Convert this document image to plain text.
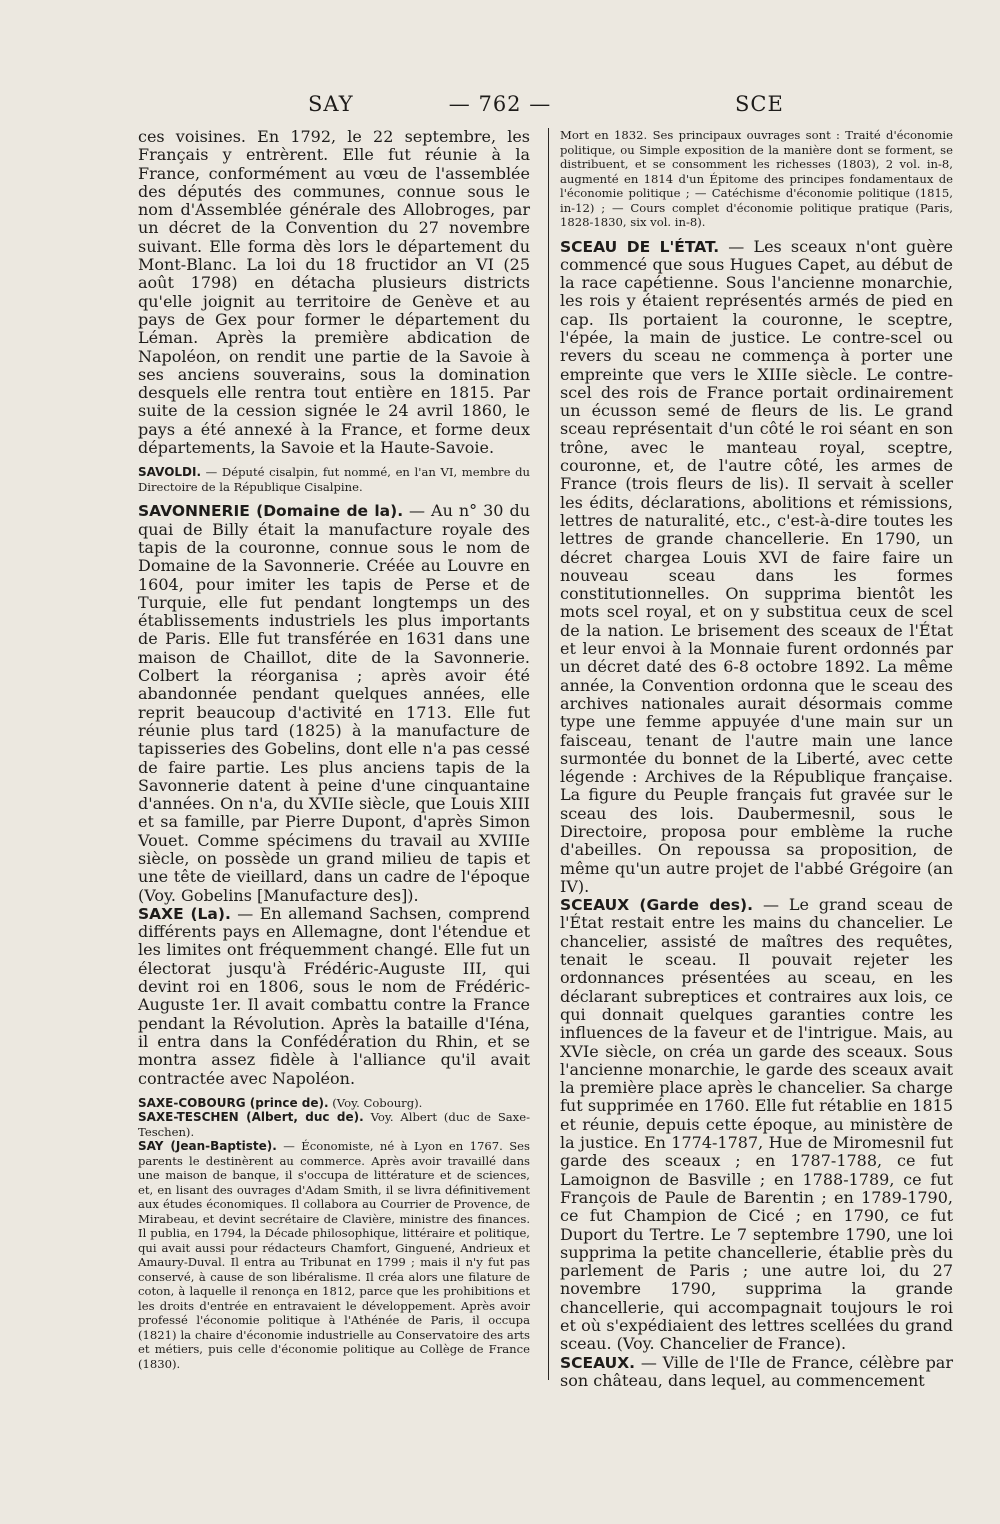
SAY	— 762 —	SCE

ces voisines. En 1792, le 22 septembre, les Français y entrèrent. Elle fut réunie à la France, conformément au vœu de l'assemblée des députés des communes, connue sous le nom d'Assemblée générale des Allobroges, par un décret de la Convention du 27 novembre suivant. Elle forma dès lors le département du Mont-Blanc. La loi du 18 fructidor an VI (25 août 1798) en détacha plusieurs districts qu'elle joignit au territoire de Genève et au pays de Gex pour former le département du Léman. Après la première abdication de Napoléon, on rendit une partie de la Savoie à ses anciens souverains, sous la domination desquels elle rentra tout entière en 1815. Par suite de la cession signée le 24 avril 1860, le pays a été annexé à la France, et forme deux départements, la Savoie et la Haute-Savoie.

SAVOLDI. — Député cisalpin, fut nommé, en l'an VI, membre du Directoire de la République Cisalpine.

SAVONNERIE (Domaine de la). — Au n° 30 du quai de Billy était la manufacture royale des tapis de la couronne, connue sous le nom de Domaine de la Savonnerie. Créée au Louvre en 1604, pour imiter les tapis de Perse et de Turquie, elle fut pendant longtemps un des établissements industriels les plus importants de Paris. Elle fut transférée en 1631 dans une maison de Chaillot, dite de la Savonnerie. Colbert la réorganisa ; après avoir été abandonnée pendant quelques années, elle reprit beaucoup d'activité en 1713. Elle fut réunie plus tard (1825) à la manufacture de tapisseries des Gobelins, dont elle n'a pas cessé de faire partie. Les plus anciens tapis de la Savonnerie datent à peine d'une cinquantaine d'années. On n'a, du XVIIe siècle, que Louis XIII et sa famille, par Pierre Dupont, d'après Simon Vouet. Comme spécimens du travail au XVIIIe siècle, on possède un grand milieu de tapis et une tête de vieillard, dans un cadre de l'époque (Voy. Gobelins [Manufacture des]).

SAXE (La). — En allemand Sachsen, comprend différents pays en Allemagne, dont l'étendue et les limites ont fréquemment changé. Elle fut un électorat jusqu'à Frédéric-Auguste III, qui devint roi en 1806, sous le nom de Frédéric-Auguste 1er. Il avait combattu contre la France pendant la Révolution. Après la bataille d'Iéna, il entra dans la Confédération du Rhin, et se montra assez fidèle à l'alliance qu'il avait contractée avec Napoléon.

SAXE-COBOURG (prince de). (Voy. Cobourg).

SAXE-TESCHEN (Albert, duc de). Voy. Albert (duc de Saxe-Teschen).

SAY (Jean-Baptiste). — Économiste, né à Lyon en 1767. Ses parents le destinèrent au commerce. Après avoir travaillé dans une maison de banque, il s'occupa de littérature et de sciences, et, en lisant des ouvrages d'Adam Smith, il se livra définitivement aux études économiques. Il collabora au Courrier de Provence, de Mirabeau, et devint secrétaire de Clavière, ministre des finances. Il publia, en 1794, la Décade philosophique, littéraire et politique, qui avait aussi pour rédacteurs Chamfort, Ginguené, Andrieux et Amaury-Duval. Il entra au Tribunat en 1799 ; mais il n'y fut pas conservé, à cause de son libéralisme. Il créa alors une filature de coton, à laquelle il renonça en 1812, parce que les prohibitions et les droits d'entrée en entravaient le développement. Après avoir professé l'économie politique à l'Athénée de Paris, il occupa (1821) la chaire d'économie industrielle au Conservatoire des arts et métiers, puis celle d'économie politique au Collège de France (1830).

Mort en 1832. Ses principaux ouvrages sont : Traité d'économie politique, ou Simple exposition de la manière dont se forment, se distribuent, et se consomment les richesses (1803), 2 vol. in-8, augmenté en 1814 d'un Épitome des principes fondamentaux de l'économie politique ; — Catéchisme d'économie politique (1815, in-12) ; — Cours complet d'économie politique pratique (Paris, 1828-1830, six vol. in-8).

SCEAU DE L'ÉTAT. — Les sceaux n'ont guère commencé que sous Hugues Capet, au début de la race capétienne. Sous l'ancienne monarchie, les rois y étaient représentés armés de pied en cap. Ils portaient la couronne, le sceptre, l'épée, la main de justice. Le contre-scel ou revers du sceau ne commença à porter une empreinte que vers le XIIIe siècle. Le contre-scel des rois de France portait ordinairement un écusson semé de fleurs de lis. Le grand sceau représentait d'un côté le roi séant en son trône, avec le manteau royal, sceptre, couronne, et, de l'autre côté, les armes de France (trois fleurs de lis). Il servait à sceller les édits, déclarations, abolitions et rémissions, lettres de naturalité, etc., c'est-à-dire toutes les lettres de grande chancellerie. En 1790, un décret chargea Louis XVI de faire faire un nouveau sceau dans les formes constitutionnelles. On supprima bientôt les mots scel royal, et on y substitua ceux de scel de la nation. Le brisement des sceaux de l'État et leur envoi à la Monnaie furent ordonnés par un décret daté des 6-8 octobre 1892. La même année, la Convention ordonna que le sceau des archives nationales aurait désormais comme type une femme appuyée d'une main sur un faisceau, tenant de l'autre main une lance surmontée du bonnet de la Liberté, avec cette légende : Archives de la République française. La figure du Peuple français fut gravée sur le sceau des lois. Daubermesnil, sous le Directoire, proposa pour emblème la ruche d'abeilles. On repoussa sa proposition, de même qu'un autre projet de l'abbé Grégoire (an IV).

SCEAUX (Garde des). — Le grand sceau de l'État restait entre les mains du chancelier. Le chancelier, assisté de maîtres des requêtes, tenait le sceau. Il pouvait rejeter les ordonnances présentées au sceau, en les déclarant subreptices et contraires aux lois, ce qui donnait quelques garanties contre les influences de la faveur et de l'intrigue. Mais, au XVIe siècle, on créa un garde des sceaux. Sous l'ancienne monarchie, le garde des sceaux avait la première place après le chancelier. Sa charge fut supprimée en 1760. Elle fut rétablie en 1815 et réunie, depuis cette époque, au ministère de la justice. En 1774-1787, Hue de Miromesnil fut garde des sceaux ; en 1787-1788, ce fut Lamoignon de Basville ; en 1788-1789, ce fut François de Paule de Barentin ; en 1789-1790, ce fut Champion de Cicé ; en 1790, ce fut Duport du Tertre. Le 7 septembre 1790, une loi supprima la petite chancellerie, établie près du parlement de Paris ; une autre loi, du 27 novembre 1790, supprima la grande chancellerie, qui accompagnait toujours le roi et où s'expédiaient des lettres scellées du grand sceau. (Voy. Chancelier de France).

SCEAUX. — Ville de l'Ile de France, célèbre par son château, dans lequel, au commencement
